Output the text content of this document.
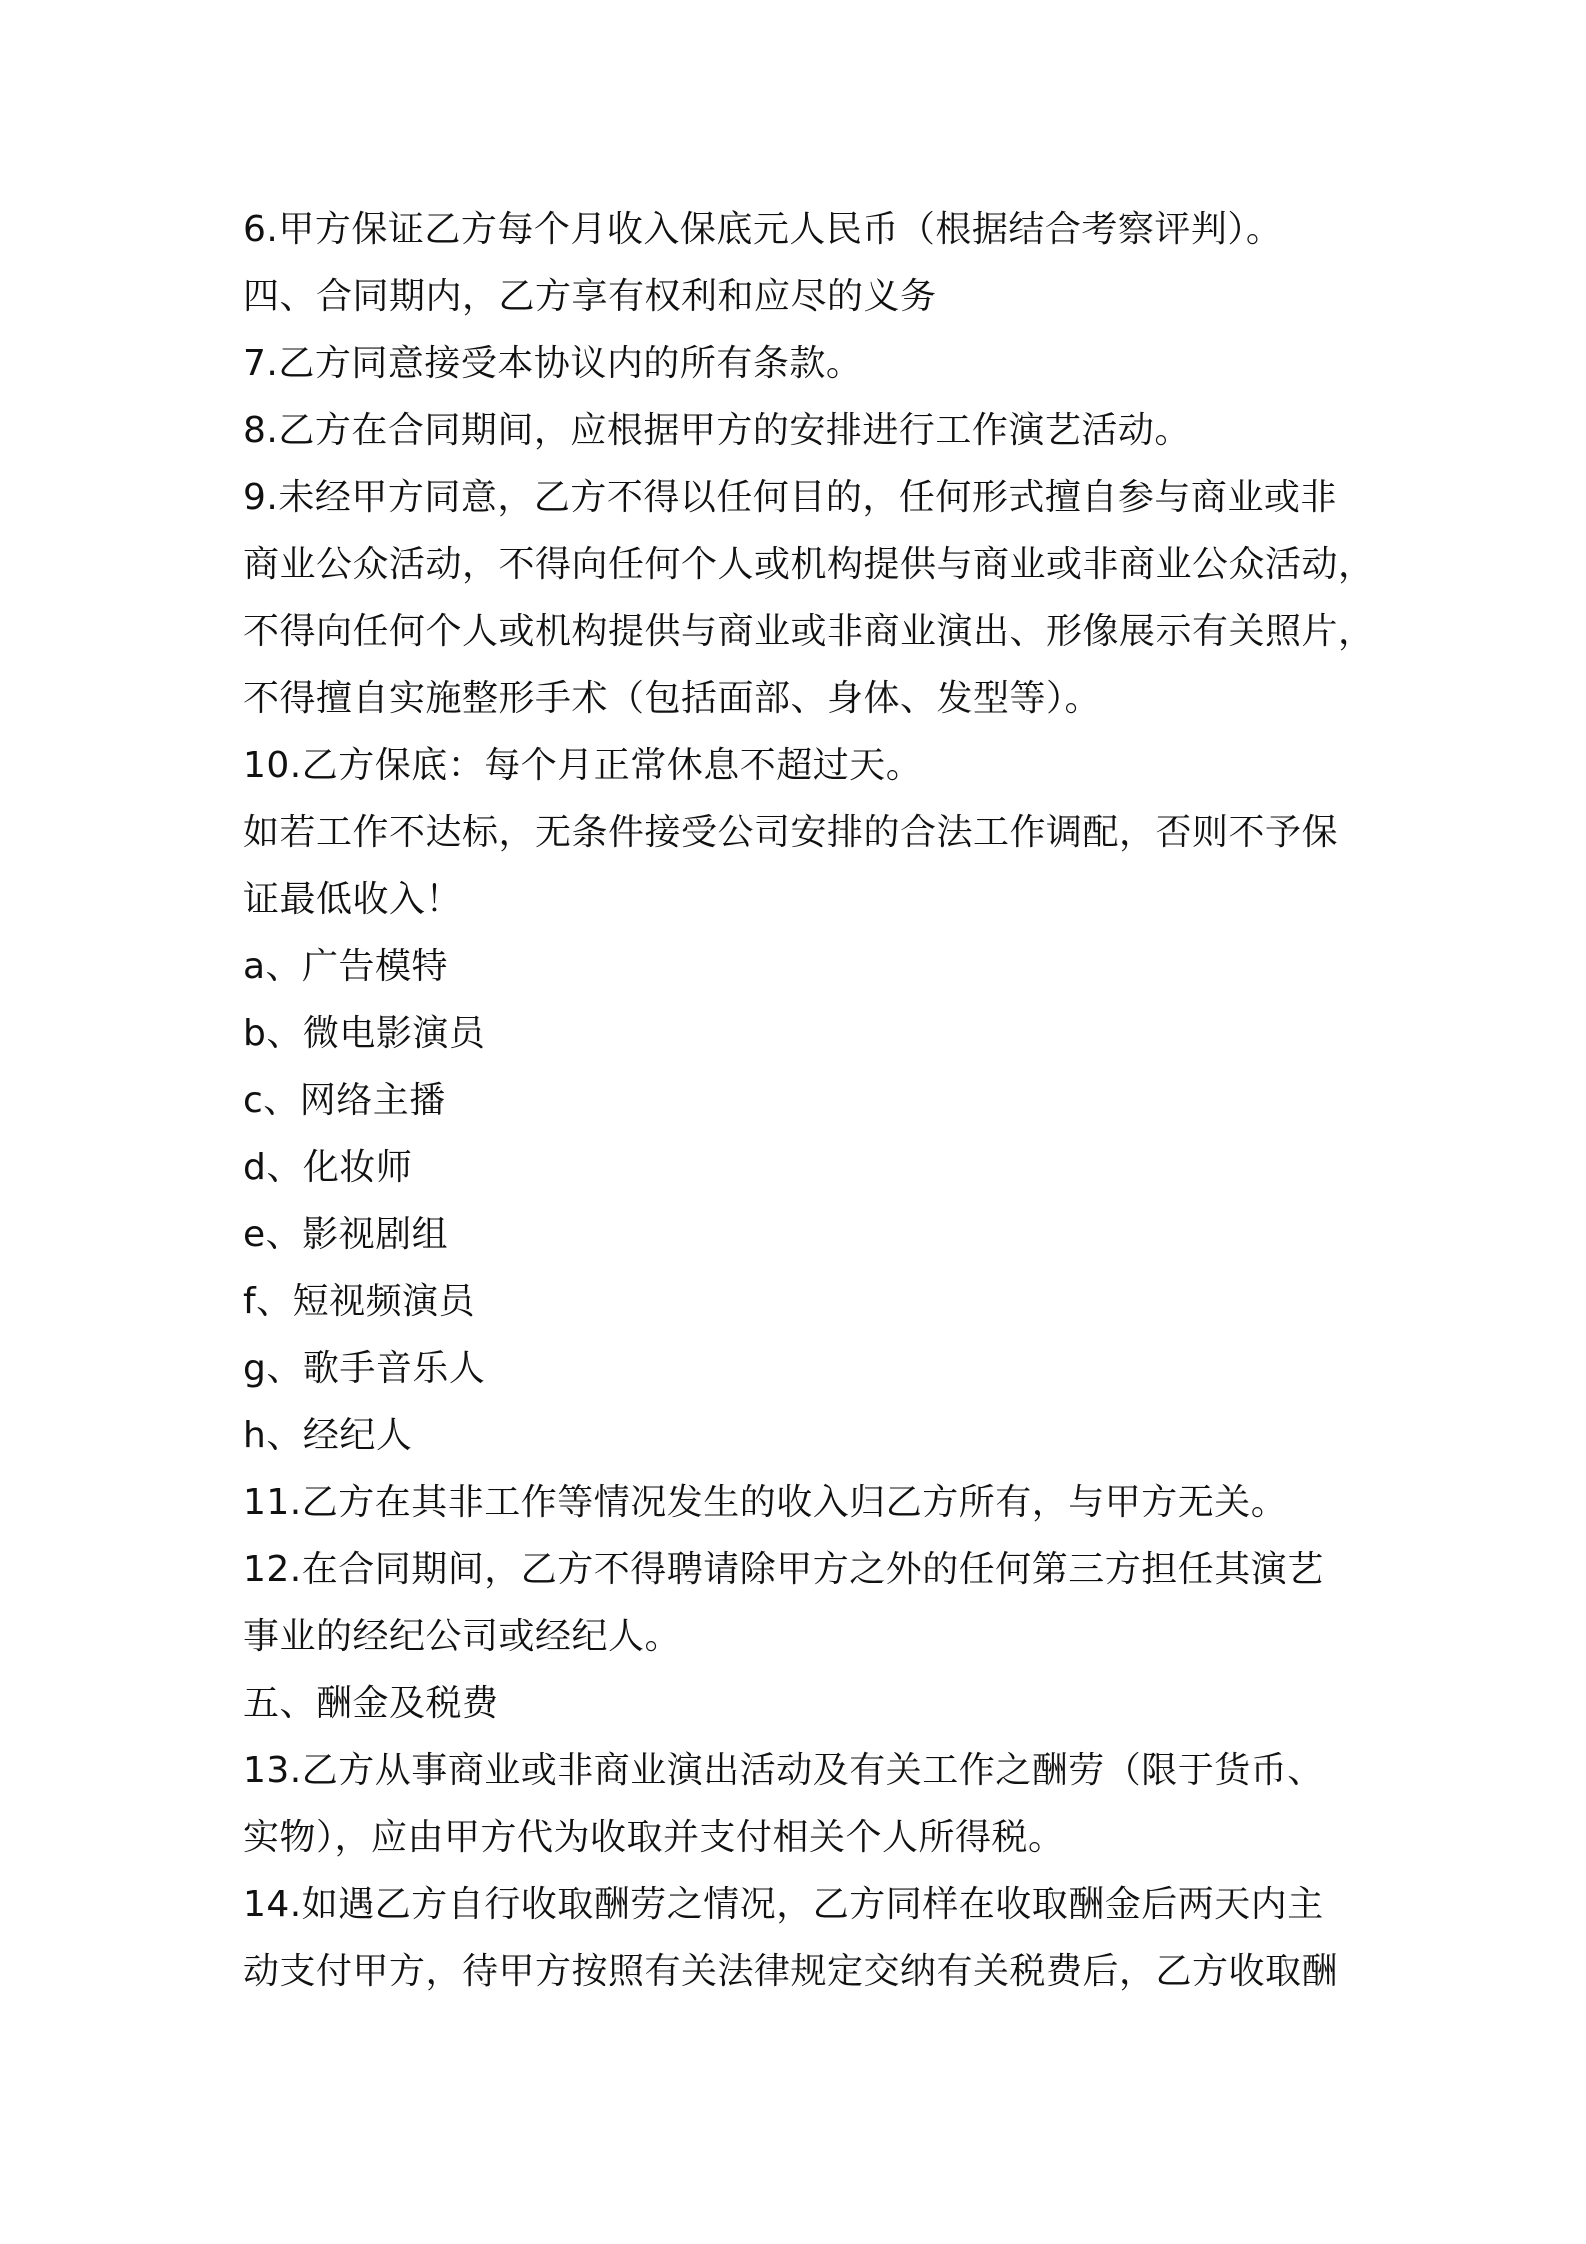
6.甲方保证乙方每个月收入保底元人民币（根据结合考察评判）。
四、合同期内，乙方享有权利和应尽的义务
7.乙方同意接受本协议内的所有条款。
8.乙方在合同期间，应根据甲方的安排进行工作演艺活动。
9.未经甲方同意，乙方不得以任何目的，任何形式擅自参与商业或非
商业公众活动，不得向任何个人或机构提供与商业或非商业公众活动，
不得向任何个人或机构提供与商业或非商业演出、形像展示有关照片，
不得擅自实施整形手术（包括面部、身体、发型等）。
10.乙方保底：每个月正常休息不超过天。
如若工作不达标，无条件接受公司安排的合法工作调配，否则不予保
证最低收入！
a、广告模特
b、微电影演员
c、网络主播
d、化妆师
e、影视剧组
f、短视频演员
g、歌手音乐人
h、经纪人
11.乙方在其非工作等情况发生的收入归乙方所有，与甲方无关。
12.在合同期间，乙方不得聘请除甲方之外的任何第三方担任其演艺
事业的经纪公司或经纪人。
五、酬金及税费
13.乙方从事商业或非商业演出活动及有关工作之酬劳（限于货币、
实物），应由甲方代为收取并支付相关个人所得税。
14.如遇乙方自行收取酬劳之情况，乙方同样在收取酬金后两天内主
动支付甲方，待甲方按照有关法律规定交纳有关税费后，乙方收取酬
